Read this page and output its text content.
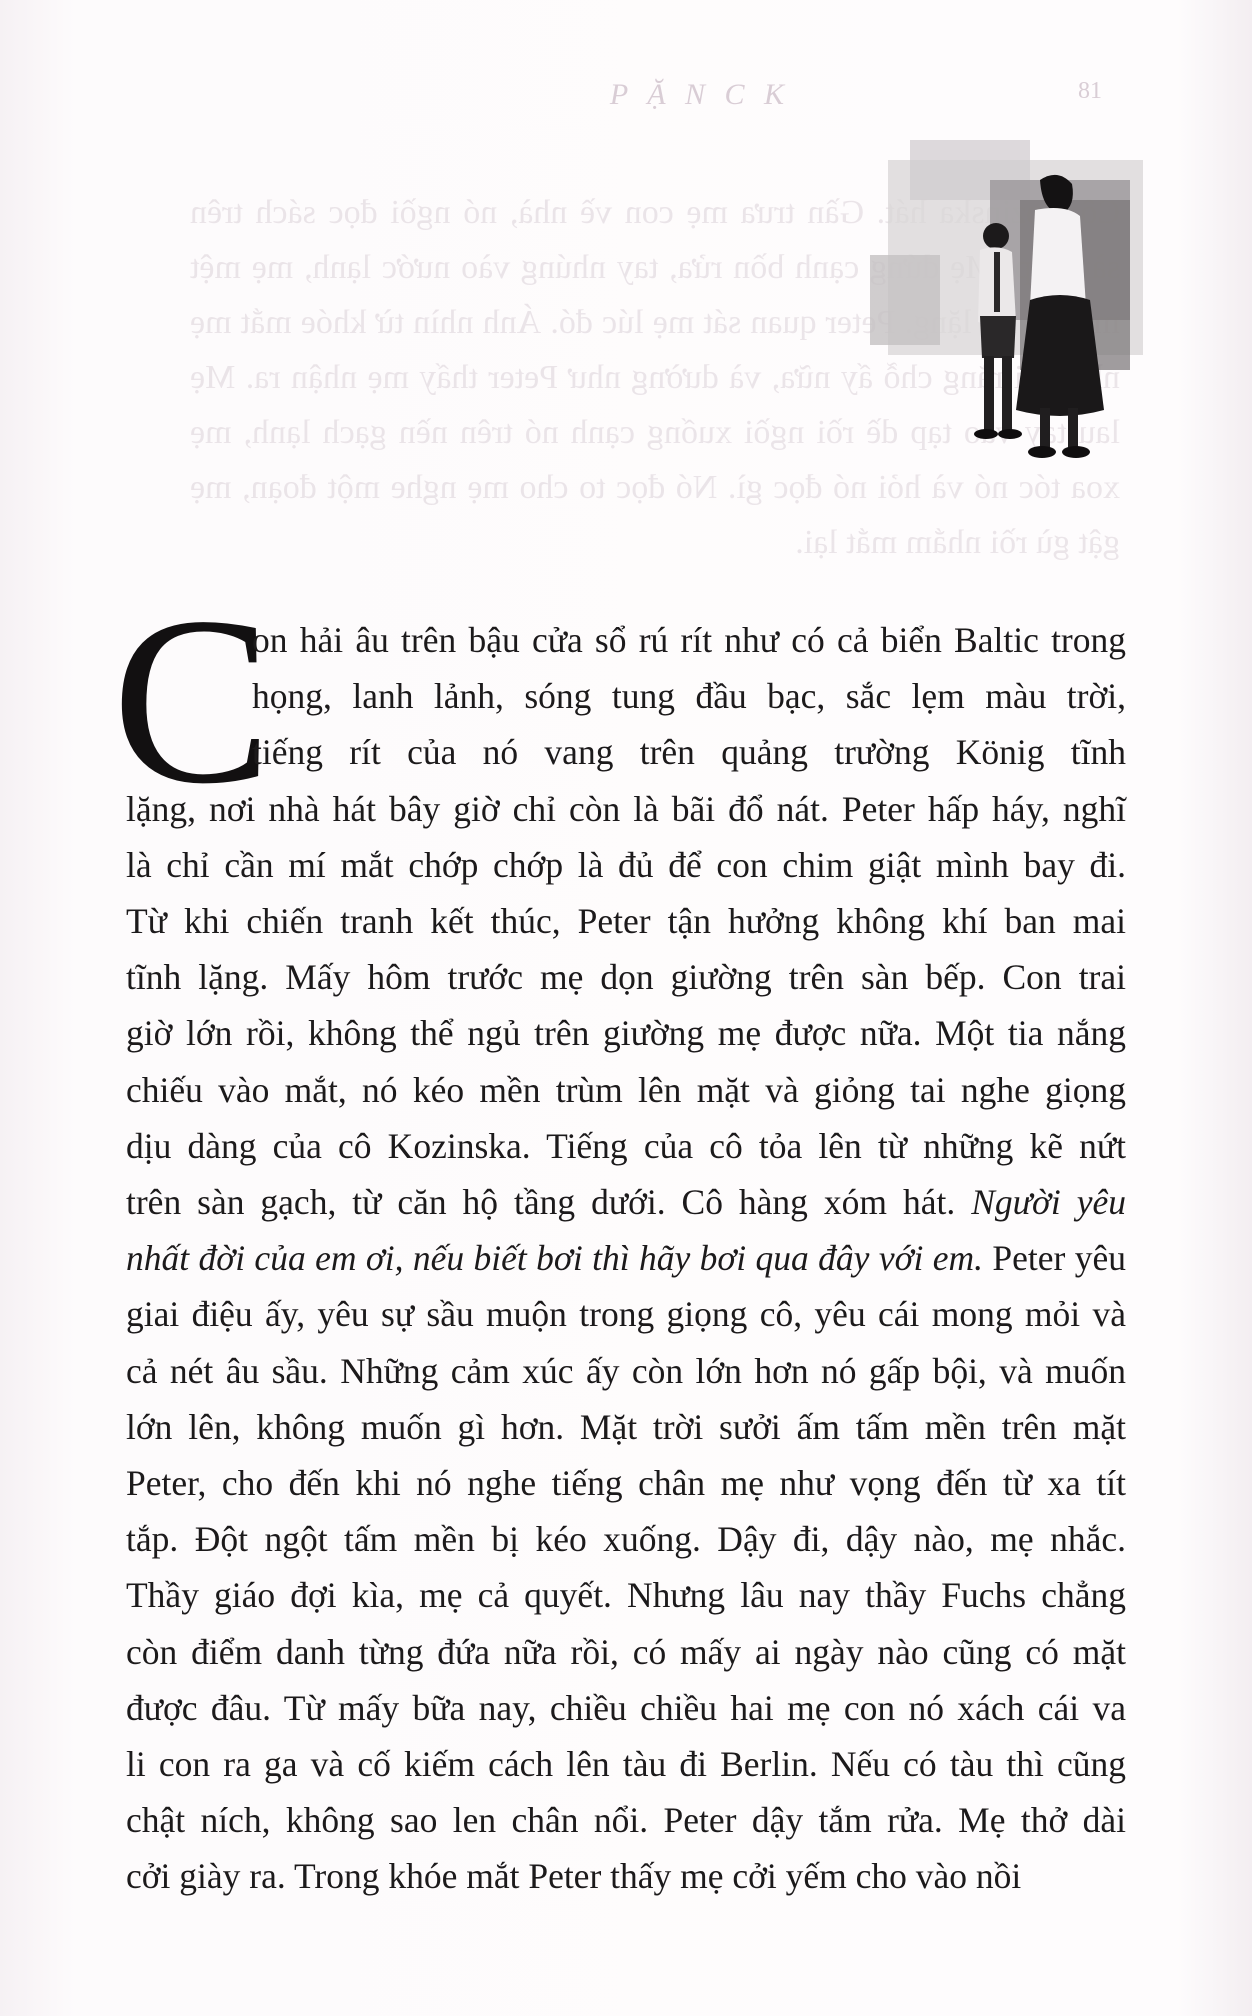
P Ặ N C K	81
Cô Kozinska hát. Gần trưa mẹ con về nhà, nó ngồi đọc sách trên sàn bếp. Mẹ đứng cạnh bồn rửa, tay nhúng vào nước lạnh, mẹ mệt mỏi và im lặng. Peter quan sát mẹ lúc đó. Ánh nhìn từ khóe mắt mẹ như nói rằng chỗ ấy nữa, và dường như Peter thấy mẹ nhận ra. Mẹ lau tay vào tạp dề rồi ngồi xuống cạnh nó trên nền gạch lạnh, mẹ xoa tóc nó và hỏi nó đọc gì. Nó đọc to cho mẹ nghe một đoạn, mẹ gật gù rồi nhắm mắt lại.
C
on hải âu trên bậu cửa sổ rú rít như có cả biển Baltic trong
họng, lanh lảnh, sóng tung đầu bạc, sắc lẹm màu trời,
tiếng rít của nó vang trên quảng trường König tĩnh
lặng, nơi nhà hát bây giờ chỉ còn là bãi đổ nát. Peter hấp háy, nghĩ
là chỉ cần mí mắt chớp chớp là đủ để con chim giật mình bay đi.
Từ khi chiến tranh kết thúc, Peter tận hưởng không khí ban mai
tĩnh lặng. Mấy hôm trước mẹ dọn giường trên sàn bếp. Con trai
giờ lớn rồi, không thể ngủ trên giường mẹ được nữa. Một tia nắng
chiếu vào mắt, nó kéo mền trùm lên mặt và giỏng tai nghe giọng
dịu dàng của cô Kozinska. Tiếng của cô tỏa lên từ những kẽ nứt
trên sàn gạch, từ căn hộ tầng dưới. Cô hàng xóm hát. Người yêu
nhất đời của em ơi, nếu biết bơi thì hãy bơi qua đây với em. Peter yêu
giai điệu ấy, yêu sự sầu muộn trong giọng cô, yêu cái mong mỏi và
cả nét âu sầu. Những cảm xúc ấy còn lớn hơn nó gấp bội, và muốn
lớn lên, không muốn gì hơn. Mặt trời sưởi ấm tấm mền trên mặt
Peter, cho đến khi nó nghe tiếng chân mẹ như vọng đến từ xa tít
tắp. Đột ngột tấm mền bị kéo xuống. Dậy đi, dậy nào, mẹ nhắc.
Thầy giáo đợi kìa, mẹ cả quyết. Nhưng lâu nay thầy Fuchs chẳng
còn điểm danh từng đứa nữa rồi, có mấy ai ngày nào cũng có mặt
được đâu. Từ mấy bữa nay, chiều chiều hai mẹ con nó xách cái va
li con ra ga và cố kiếm cách lên tàu đi Berlin. Nếu có tàu thì cũng
chật ních, không sao len chân nổi. Peter dậy tắm rửa. Mẹ thở dài
cởi giày ra. Trong khóe mắt Peter thấy mẹ cởi yếm cho vào nồi
